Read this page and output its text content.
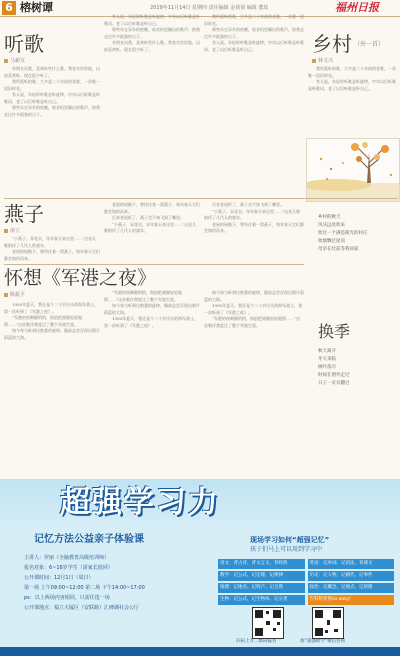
6 榕树谭	2019年11月14日 星期四 责任编辑 金倩倩 编辑 董瑶	福州日报
听歌
马新宣

有朋友问我，喜欢听些什么歌。我老实告诉他，以前喜欢听，现在很少听了。

我所爱听的歌，大多是二十年前的老歌，一首歌一段旧时光。

有人说，年轻时听歌是听旋律，中年以后听歌是听歌词，老了以后听歌是听自己。

那些年在异乡的夜晚，收音机里飘出的歌声，陪我走过许多孤独的日子。

有人说，年轻时听歌是听旋律，中年以后听歌是听歌词，老了以后听歌是听自己。

那些年在异乡的夜晚，收音机里飘出的歌声，陪我走过许多孤独的日子。

有朋友问我，喜欢听些什么歌。我老实告诉他，以前喜欢听，现在很少听了。

我所爱听的歌，大多是二十年前的老歌，一首歌一段旧时光。

那些年在异乡的夜晚，收音机里飘出的歌声，陪我走过许多孤独的日子。

有人说，年轻时听歌是听旋律，中年以后听歌是听歌词，老了以后听歌是听自己。	乡村 （外一首）
林文兴

我所爱听的歌，大多是二十年前的老歌，一首歌一段旧时光。

有人说，年轻时听歌是听旋律，中年以后听歌是听歌词，老了以后听歌是听自己。

燕子
俞立

“小燕子，穿花衣，年年春天来这里……”这首儿歌陪伴了几代人的童年。

老屋的屋檐下，曾经住着一窝燕子，每年春天它们都会如约而来。

老屋的屋檐下，曾经住着一窝燕子，每年春天它们都会如约而来。

后来老屋拆了，燕子也不知飞到了哪里。

“小燕子，穿花衣，年年春天来这里……”这首儿歌陪伴了几代人的童年。

后来老屋拆了，燕子也不知飞到了哪里。

“小燕子，穿花衣，年年春天来这里……”这首儿歌陪伴了几代人的童年。

老屋的屋檐下，曾经住着一窝燕子，每年春天它们都会如约而来。

乡村的秋天
风从远处吹来
吹过一个满是阳光的村庄
炊烟飘过屋顶
母亲在灶前等我回家
怀想《军港之夜》
陈振平

1980年夏天，我还是个二十岁出头的海军战士，第一次听到了《军港之夜》。

“军港的夜啊静悄悄，海浪把战舰轻轻地摇……”这首歌伴我度过了整个军旅生涯。

如今每当听到这熟悉的旋律，眼前总会浮现出那片蔚蓝的大海。

“军港的夜啊静悄悄，海浪把战舰轻轻地摇……”这首歌伴我度过了整个军旅生涯。

如今每当听到这熟悉的旋律，眼前总会浮现出那片蔚蓝的大海。

1980年夏天，我还是个二十岁出头的海军战士，第一次听到了《军港之夜》。

如今每当听到这熟悉的旋律，眼前总会浮现出那片蔚蓝的大海。

1980年夏天，我还是个二十岁出头的海军战士，第一次听到了《军港之夜》。

“军港的夜啊静悄悄，海浪把战舰轻轻地摇……”这首歌伴我度过了整个军旅生涯。	换季
秋天离开
冬天来临
树叶落尽
时间在窗外走过
日子一页页翻过
超强学习力
记忆方法公益亲子体验课
主讲人：罗丽（全脑教育高级培训师）
报名对象：6~16岁学生（需家长陪同）
公开课时间：12月1日（周日）
第一场 上午09:00~12:00 第二场 下午14:00~17:00
ps：以上两场内容相同，只需任选一场
公开课地点：福立大厦区（安联路）汇碑湖社会公厅
现场学习如何“超强记忆”
孩子们马上可以用到学习中
语文：背古诗、背文言文、背经典	英语：记单词、记语法、背课文
数学：记公式、记定理、记规律	历史：记人物、记朝代、记事件
地理：记地名、记特产、记自然	政治：记概念、记观点、记原理
生物：记公式、记生物体、记分类	告科积变得so easy!
扫码上方二维码报名	加“超强助学”微信咨询
